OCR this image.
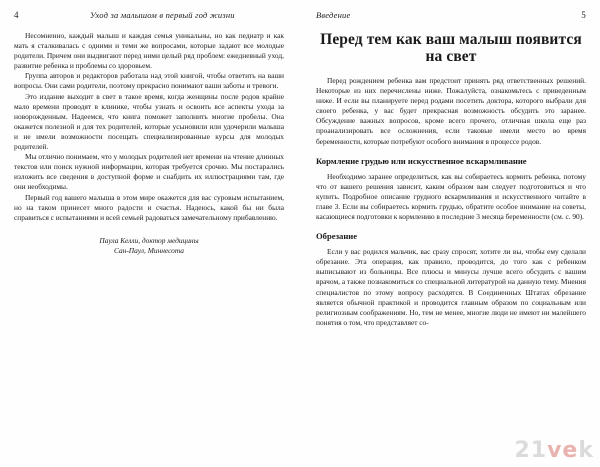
4	Уход за малышом в первый год жизни

Несомненно, каждый малыш и каждая семья уникальны, но как педиатр и как мать я сталкивалась с одними и теми же вопросами, которые задают все молодые родители. Причем они выдвигают перед ними целый ряд проблем: ежедневный уход, развитие ребенка и проблемы со здоровьем.

Группа авторов и редакторов работала над этой книгой, чтобы ответить на ваши вопросы. Они сами родители, поэтому прекрасно понимают ваши заботы и тревоги.

Это издание выходит в свет в такое время, когда женщины после родов крайне мало времени проводят в клинике, чтобы узнать и освоить все аспекты ухода за новорожденным. Надеемся, что книга поможет заполнить многие пробелы. Она окажется полезной и для тех родителей, которые усыновили или удочерили малыша и не имели возможности посещать специализированные курсы для молодых родителей.

Мы отлично понимаем, что у молодых родителей нет времени на чтение длинных текстов или поиск нужной информации, которая требуется срочно. Мы постарались изложить все сведения в доступной форме и снабдить их иллюстрациями там, где они необходимы.

Первый год вашего малыша в этом мире окажется для вас суровым испытанием, но на таком принесет много радости и счастья. Надеюсь, какой бы ни была справиться с испытаниями и всей семьей радоваться замечательному прибавлению.

Паула Келли, доктор медицины
Сан-Паул, Миннесота
Введение	5
Перед тем как ваш малыш появится на свет

Перед рождением ребенка вам предстоит принять ряд ответственных решений. Некоторые из них перечислены ниже. Пожалуйста, ознакомьтесь с приведенным ниже. И если вы планируете перед родами посетить доктора, которого выбрали для своего ребенка, у вас будет прекрасная возможность обсудить это заранее. Обсуждение важных вопросов, кроме всего прочего, отличная школа еще раз проанализировать все осложнения, если таковые имели место во время беременности, которые потребуют особого внимания в процессе родов.

Кормление грудью или искусственное вскармливание

Необходимо заранее определиться, как вы собираетесь кормить ребенка, потому что от вашего решения зависит, каким образом вам следует подготовиться и что купить. Подробное описание грудного вскармливания и искусственного читайте в главе 3. Если вы собираетесь кормить грудью, обратите особое внимание на советы, касающиеся подготовки к кормлению в последние 3 месяца беременности (см. с. 90).

Обрезание

Если у вас родился мальчик, вас сразу спросят, хотите ли вы, чтобы ему сделали обрезание. Эта операция, как правило, проводится, до того как с ребенком выписывают из больницы. Все плюсы и минусы лучше всего обсудить с вашим врачом, а также познакомиться со специальной литературой на данную тему. Мнения специалистов по этому вопросу расходятся. В Соединенных Штатах обрезание является обычной практикой и проводится главным образом по социальным или религиозным соображениям. Но, тем не менее, многие люди не имеют ни малейшего понятия о том, что представляет со-

21vek
